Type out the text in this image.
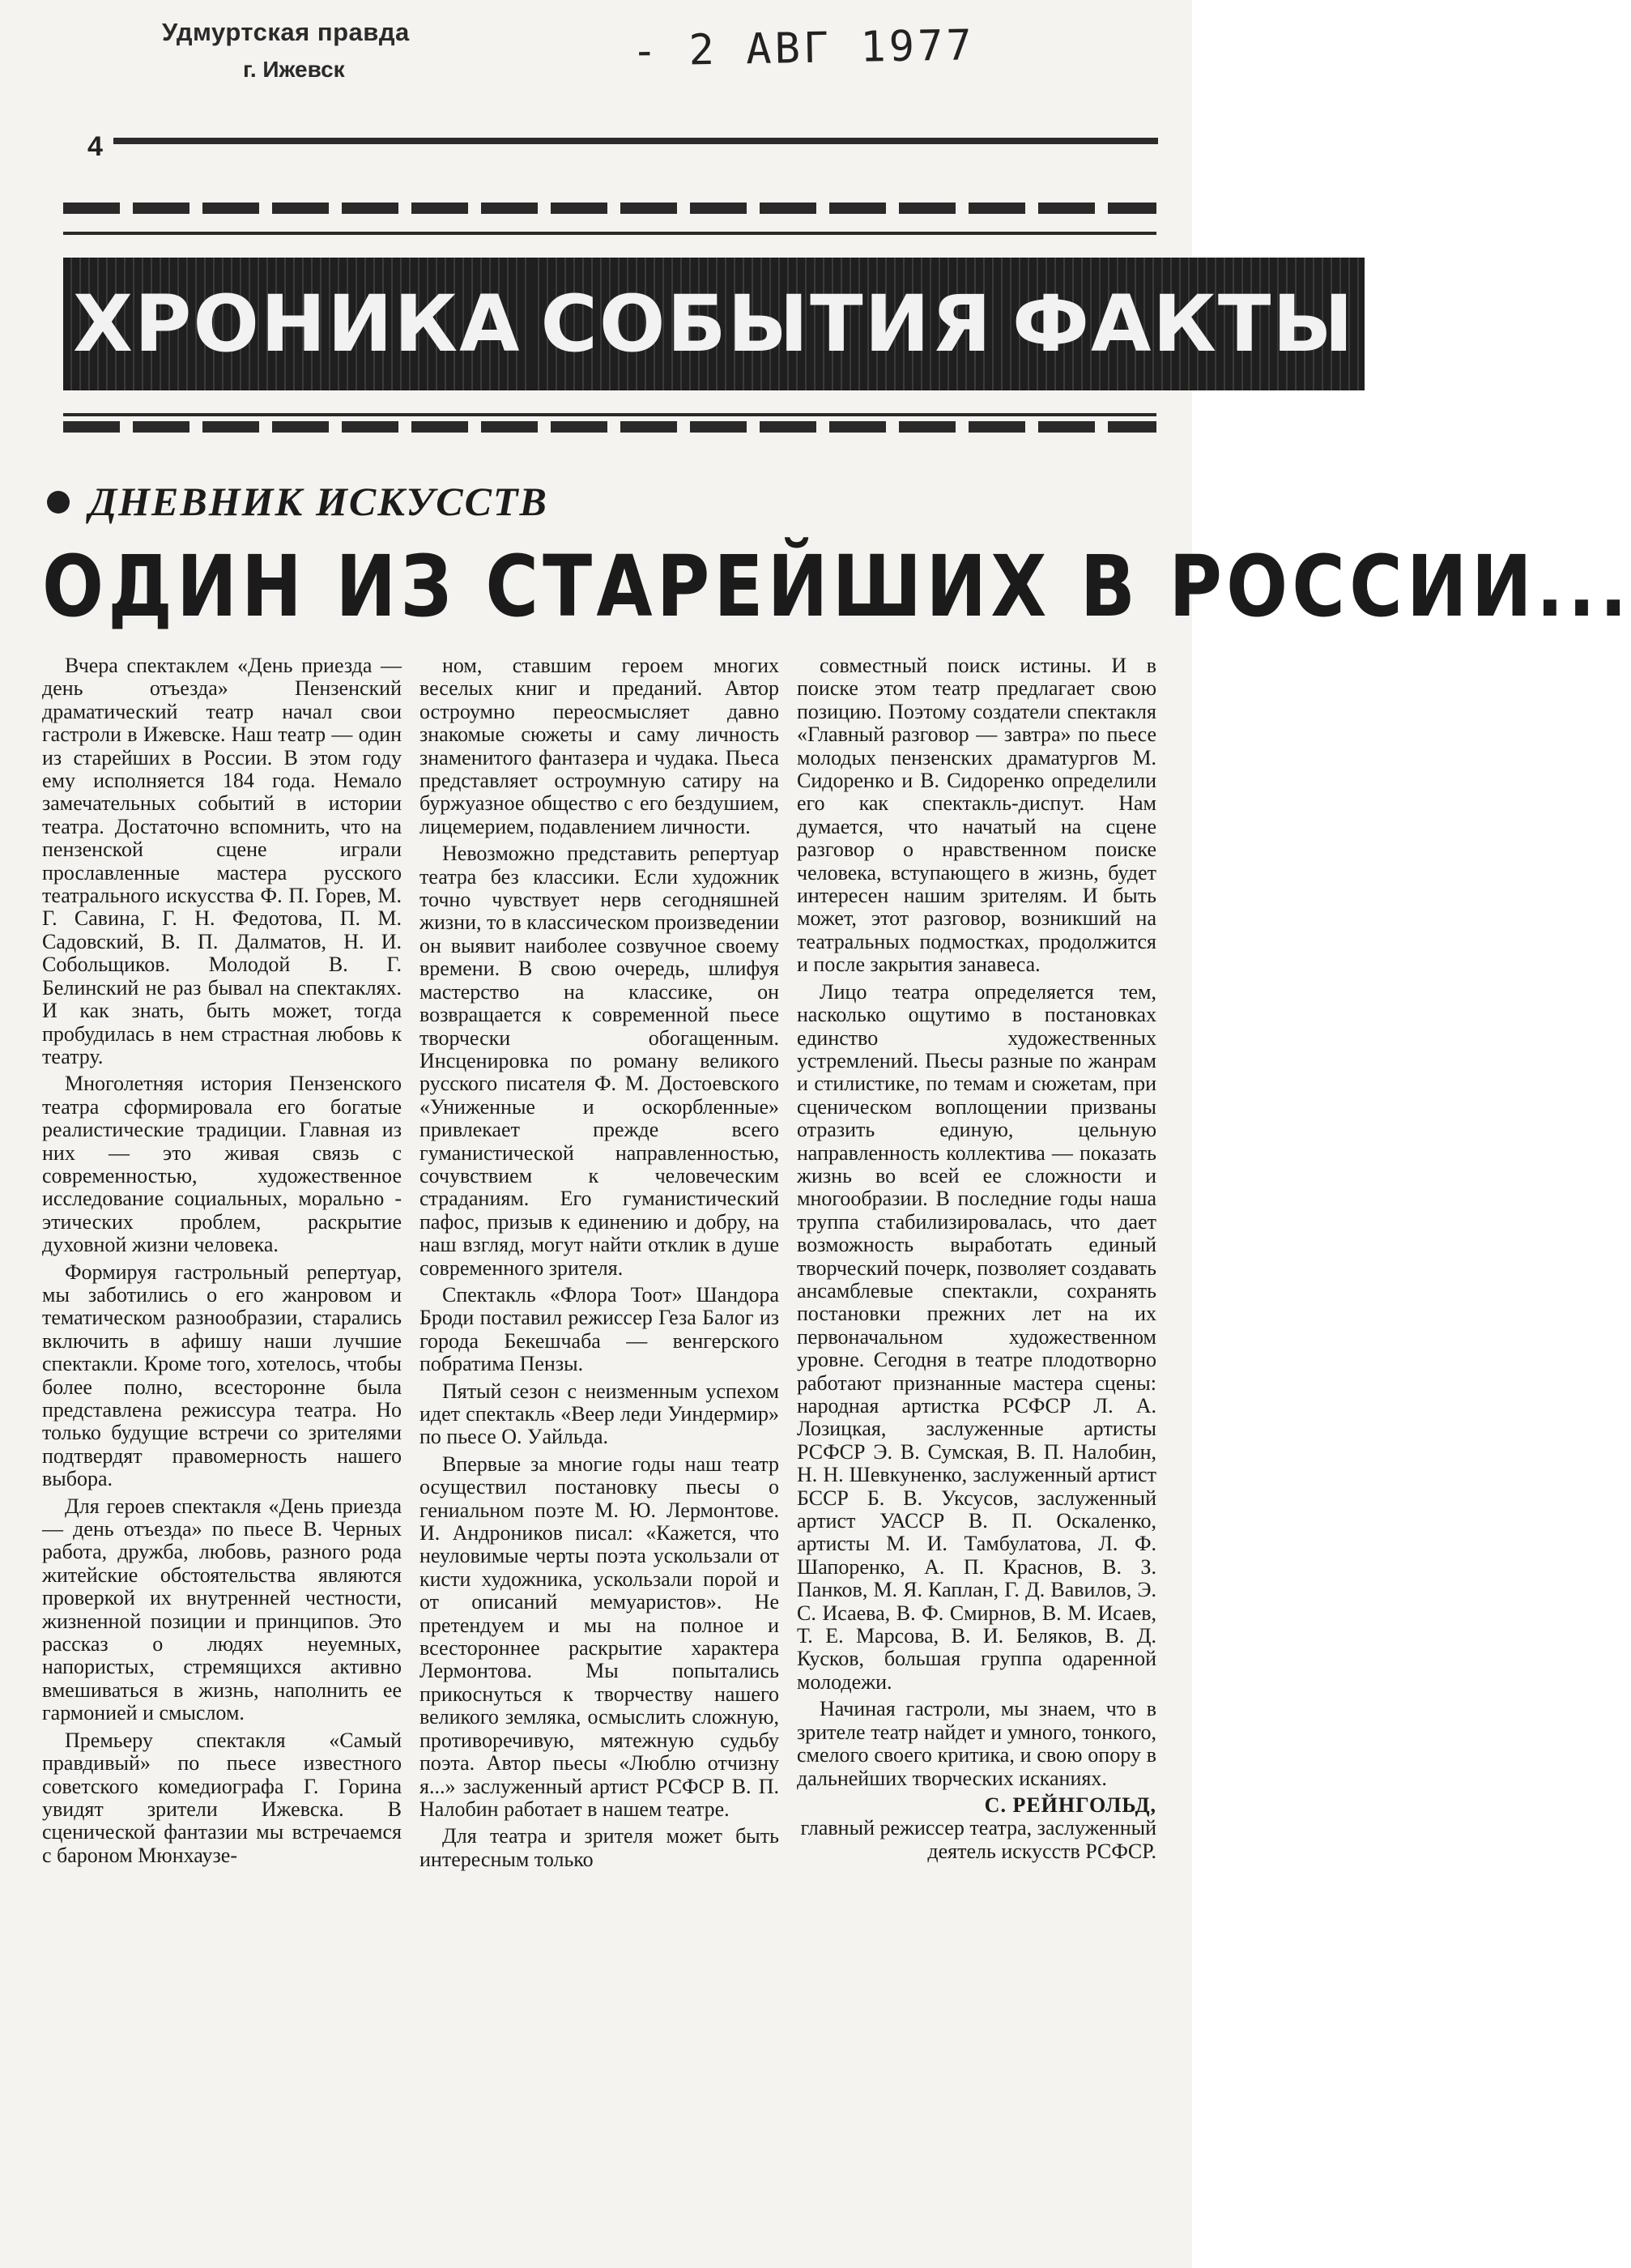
Удмуртская правда
г. Ижевск	- 2 АВГ 1977
4
ХРОНИКА СОБЫТИЯ ФАКТЫ
ДНЕВНИК ИСКУССТВ
ОДИН ИЗ СТАРЕЙШИХ В РОССИИ...

Вчера спектаклем «День приезда — день отъезда» Пензенский драматический театр начал свои гастроли в Ижевске. Наш театр — один из старейших в России. В этом году ему исполняется 184 года. Немало замечательных событий в истории театра. Достаточно вспомнить, что на пензенской сцене играли прославленные мастера русского театрального искусства Ф. П. Горев, М. Г. Савина, Г. Н. Федотова, П. М. Садовский, В. П. Далматов, Н. И. Собольщиков. Молодой В. Г. Белинский не раз бывал на спектаклях. И как знать, быть может, тогда пробудилась в нем страстная любовь к театру.

Многолетняя история Пензенского театра сформировала его богатые реалистические традиции. Главная из них — это живая связь с современностью, художественное исследование социальных, морально - этических проблем, раскрытие духовной жизни человека.

Формируя гастрольный репертуар, мы заботились о его жанровом и тематическом разнообразии, старались включить в афишу наши лучшие спектакли. Кроме того, хотелось, чтобы более полно, всесторонне была представлена режиссура театра. Но только будущие встречи со зрителями подтвердят правомерность нашего выбора.

Для героев спектакля «День приезда — день отъезда» по пьесе В. Черных работа, дружба, любовь, разного рода житейские обстоятельства являются проверкой их внутренней честности, жизненной позиции и принципов. Это рассказ о людях неуемных, напористых, стремящихся активно вмешиваться в жизнь, наполнить ее гармонией и смыслом.

Премьеру спектакля «Самый правдивый» по пьесе известного советского комедиографа Г. Горина увидят зрители Ижевска. В сценической фантазии мы встречаемся с бароном Мюнхаузе-

ном, ставшим героем многих веселых книг и преданий. Автор остроумно переосмысляет давно знакомые сюжеты и саму личность знаменитого фантазера и чудака. Пьеса представляет остроумную сатиру на буржуазное общество с его бездушием, лицемерием, подавлением личности.

Невозможно представить репертуар театра без классики. Если художник точно чувствует нерв сегодняшней жизни, то в классическом произведении он выявит наиболее созвучное своему времени. В свою очередь, шлифуя мастерство на классике, он возвращается к современной пьесе творчески обогащенным. Инсценировка по роману великого русского писателя Ф. М. Достоевского «Униженные и оскорбленные» привлекает прежде всего гуманистической направленностью, сочувствием к человеческим страданиям. Его гуманистический пафос, призыв к единению и добру, на наш взгляд, могут найти отклик в душе современного зрителя.

Спектакль «Флора Тоот» Шандора Броди поставил режиссер Геза Балог из города Бекешчаба — венгерского побратима Пензы.

Пятый сезон с неизменным успехом идет спектакль «Веер леди Уиндермир» по пьесе О. Уайльда.

Впервые за многие годы наш театр осуществил постановку пьесы о гениальном поэте М. Ю. Лермонтове. И. Андроников писал: «Кажется, что неуловимые черты поэта ускользали от кисти художника, ускользали порой и от описаний мемуаристов». Не претендуем и мы на полное и всестороннее раскрытие характера Лермонтова. Мы попытались прикоснуться к творчеству нашего великого земляка, осмыслить сложную, противоречивую, мятежную судьбу поэта. Автор пьесы «Люблю отчизну я...» заслуженный артист РСФСР В. П. Налобин работает в нашем театре.

Для театра и зрителя может быть интересным только

совместный поиск истины. И в поиске этом театр предлагает свою позицию. Поэтому создатели спектакля «Главный разговор — завтра» по пьесе молодых пензенских драматургов М. Сидоренко и В. Сидоренко определили его как спектакль-диспут. Нам думается, что начатый на сцене разговор о нравственном поиске человека, вступающего в жизнь, будет интересен нашим зрителям. И быть может, этот разговор, возникший на театральных подмостках, продолжится и после закрытия занавеса.

Лицо театра определяется тем, насколько ощутимо в постановках единство художественных устремлений. Пьесы разные по жанрам и стилистике, по темам и сюжетам, при сценическом воплощении призваны отразить единую, цельную направленность коллектива — показать жизнь во всей ее сложности и многообразии. В последние годы наша труппа стабилизировалась, что дает возможность выработать единый творческий почерк, позволяет создавать ансамблевые спектакли, сохранять постановки прежних лет на их первоначальном художественном уровне. Сегодня в театре плодотворно работают признанные мастера сцены: народная артистка РСФСР Л. А. Лозицкая, заслуженные артисты РСФСР Э. В. Сумская, В. П. Налобин, Н. Н. Шевкуненко, заслуженный артист БССР Б. В. Уксусов, заслуженный артист УАССР В. П. Оскаленко, артисты М. И. Тамбулатова, Л. Ф. Шапоренко, А. П. Краснов, В. З. Панков, М. Я. Каплан, Г. Д. Вавилов, Э. С. Исаева, В. Ф. Смирнов, В. М. Исаев, Т. Е. Марсова, В. И. Беляков, В. Д. Кусков, большая группа одаренной молодежи.

Начиная гастроли, мы знаем, что в зрителе театр найдет и умного, тонкого, смелого своего критика, и свою опору в дальнейших творческих исканиях.

С. РЕЙНГОЛЬД,

главный режиссер театра, заслуженный деятель искусств РСФСР.
